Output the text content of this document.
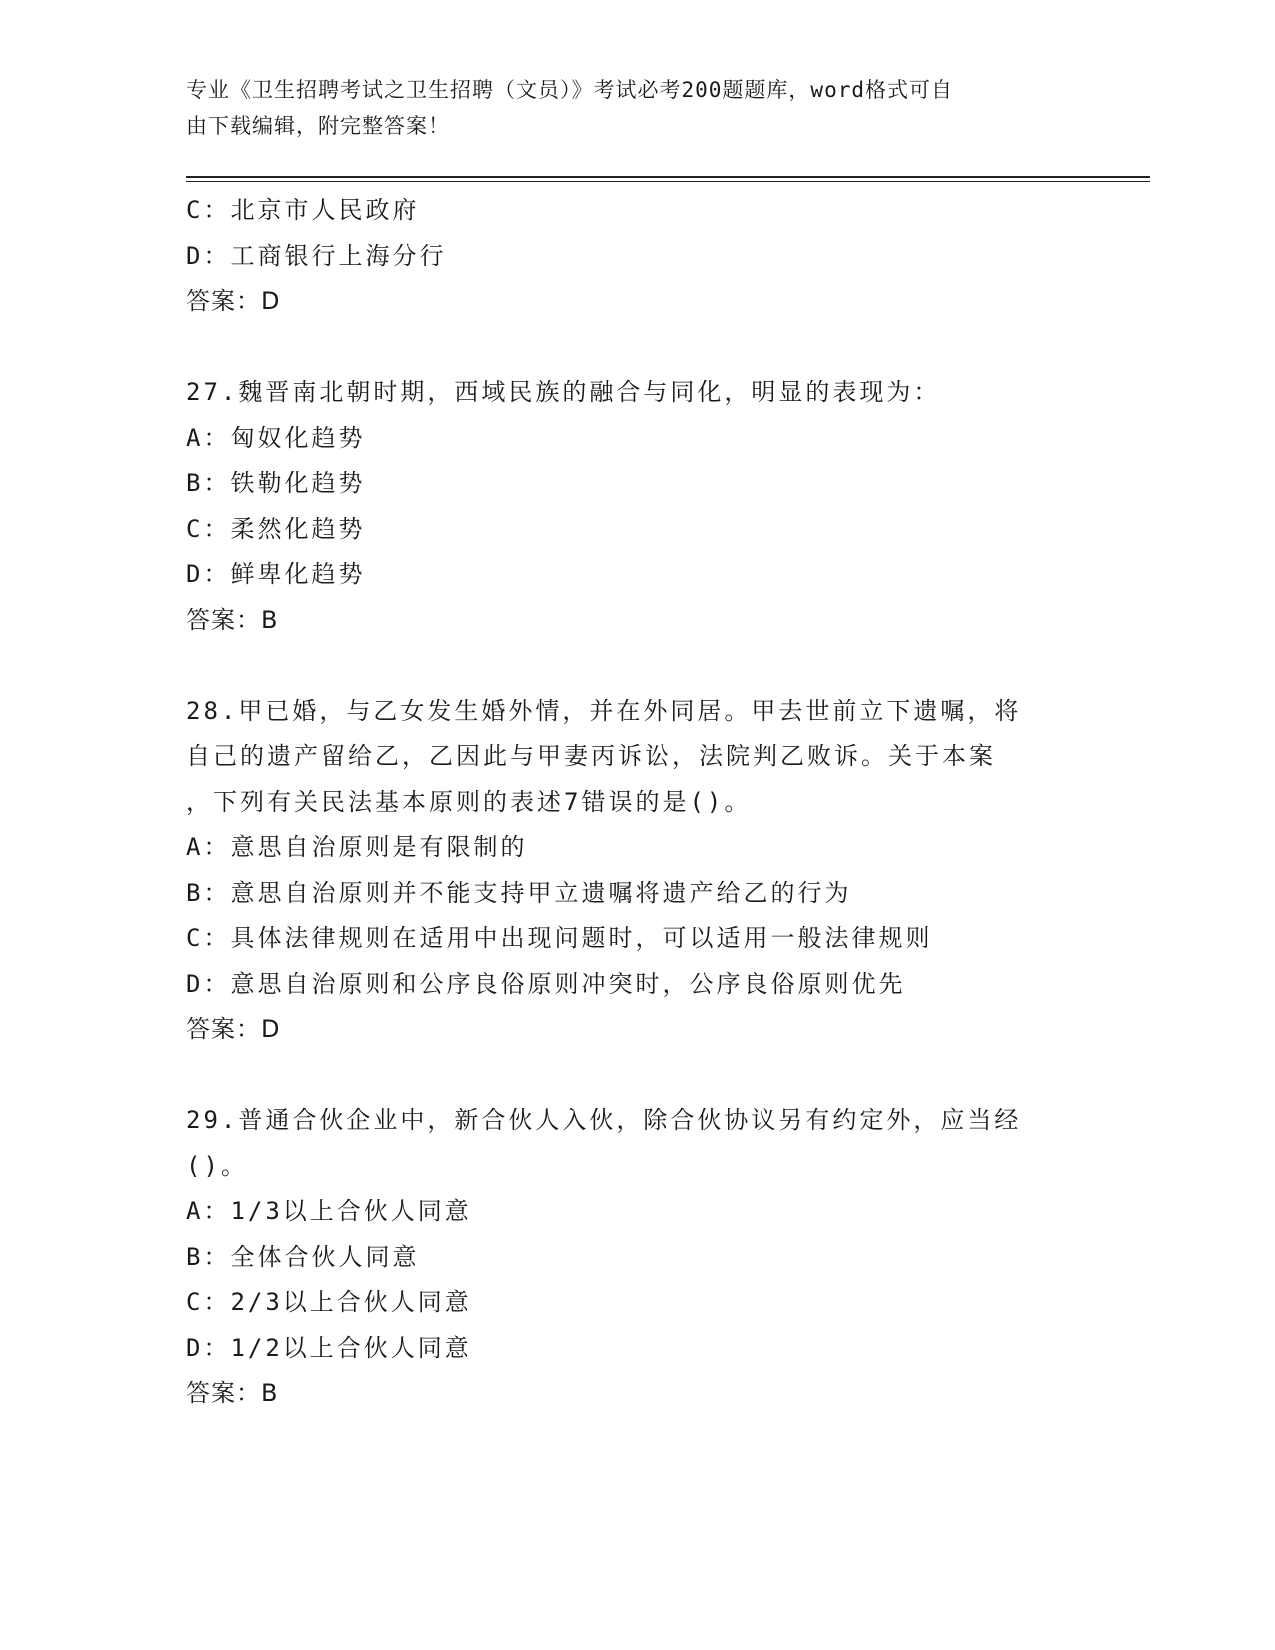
专业《卫生招聘考试之卫生招聘（文员）》考试必考200题题库，word格式可自
由下载编辑，附完整答案！
C：北京市人民政府
D：工商银行上海分行
答案：D
27.魏晋南北朝时期，西域民族的融合与同化，明显的表现为：
A：匈奴化趋势
B：铁勒化趋势
C：柔然化趋势
D：鲜卑化趋势
答案：B
28.甲已婚，与乙女发生婚外情，并在外同居。甲去世前立下遗嘱，将
自己的遗产留给乙，乙因此与甲妻丙诉讼，法院判乙败诉。关于本案
，下列有关民法基本原则的表述7错误的是()。
A：意思自治原则是有限制的
B：意思自治原则并不能支持甲立遗嘱将遗产给乙的行为
C：具体法律规则在适用中出现问题时，可以适用一般法律规则
D：意思自治原则和公序良俗原则冲突时，公序良俗原则优先
答案：D
29.普通合伙企业中，新合伙人入伙，除合伙协议另有约定外，应当经
()。
A：1/3以上合伙人同意
B：全体合伙人同意
C：2/3以上合伙人同意
D：1/2以上合伙人同意
答案：B
